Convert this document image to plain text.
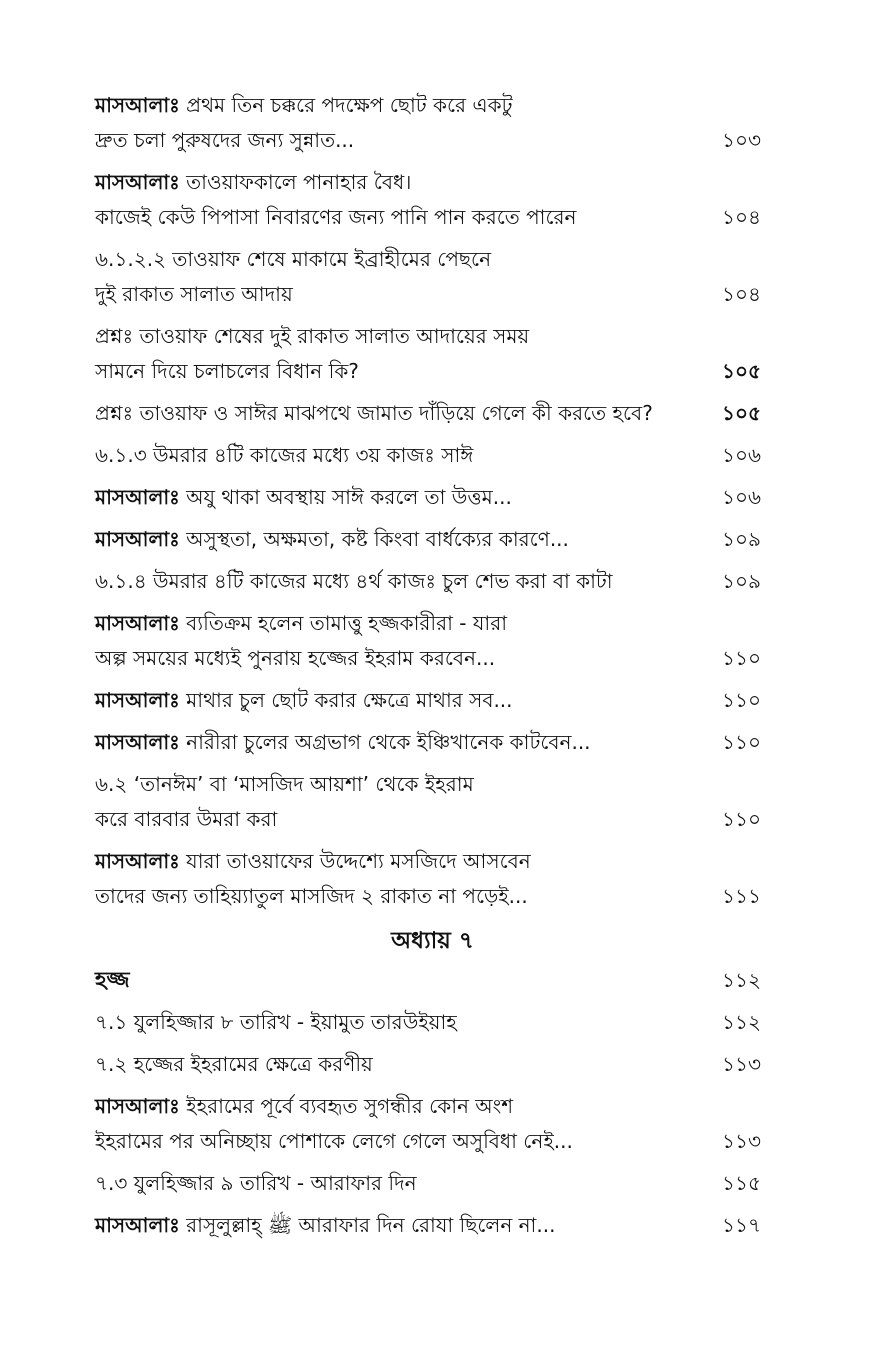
মাসআলাঃ প্রথম তিন চক্করে পদক্ষেপ ছোট করে একটু
দ্রুত চলা পুরুষদের জন্য সুন্নাত...	১০৩
মাসআলাঃ তাওয়াফকালে পানাহার বৈধ।
কাজেই কেউ পিপাসা নিবারণের জন্য পানি পান করতে পারেন	১০৪
৬.১.২.২ তাওয়াফ শেষে মাকামে ইব্রাহীমের পেছনে
দুই রাকাত সালাত আদায়	১০৪
প্রশ্নঃ তাওয়াফ শেষের দুই রাকাত সালাত আদায়ের সময়
সামনে দিয়ে চলাচলের বিধান কি?	১০৫
প্রশ্নঃ তাওয়াফ ও সাঈর মাঝপথে জামাত দাঁড়িয়ে গেলে কী করতে হবে?	১০৫
৬.১.৩ উমরার ৪টি কাজের মধ্যে ৩য় কাজঃ সাঈ	১০৬
মাসআলাঃ অযু থাকা অবস্থায় সাঈ করলে তা উত্তম...	১০৬
মাসআলাঃ অসুস্থতা, অক্ষমতা, কষ্ট কিংবা বার্ধক্যের কারণে...	১০৯
৬.১.৪ উমরার ৪টি কাজের মধ্যে ৪র্থ কাজঃ চুল শেভ করা বা কাটা	১০৯
মাসআলাঃ ব্যতিক্রম হলেন তামাত্তু হজ্জকারীরা - যারা
অল্প সময়ের মধ্যেই পুনরায় হজ্জের ইহরাম করবেন...	১১০
মাসআলাঃ মাথার চুল ছোট করার ক্ষেত্রে মাথার সব...	১১০
মাসআলাঃ নারীরা চুলের অগ্রভাগ থেকে ইঞ্চিখানেক কাটবেন...	১১০
৬.২ ‘তানঈম’ বা ‘মাসজিদ আয়শা’ থেকে ইহরাম
করে বারবার উমরা করা	১১০
মাসআলাঃ যারা তাওয়াফের উদ্দেশ্যে মসজিদে আসবেন
তাদের জন্য তাহিয়্যাতুল মাসজিদ ২ রাকাত না পড়েই...	১১১
অধ্যায় ৭
হজ্জ	১১২
৭.১ যুলহিজ্জার ৮ তারিখ - ইয়ামুত তারউইয়াহ	১১২
৭.২ হজ্জের ইহরামের ক্ষেত্রে করণীয়	১১৩
মাসআলাঃ ইহরামের পূর্বে ব্যবহৃত সুগন্ধীর কোন অংশ
ইহরামের পর অনিচ্ছায় পোশাকে লেগে গেলে অসুবিধা নেই...	১১৩
৭.৩ যুলহিজ্জার ৯ তারিখ - আরাফার দিন	১১৫
মাসআলাঃ রাসূলুল্লাহ্ ﷺ আরাফার দিন রোযা ছিলেন না...	১১৭
